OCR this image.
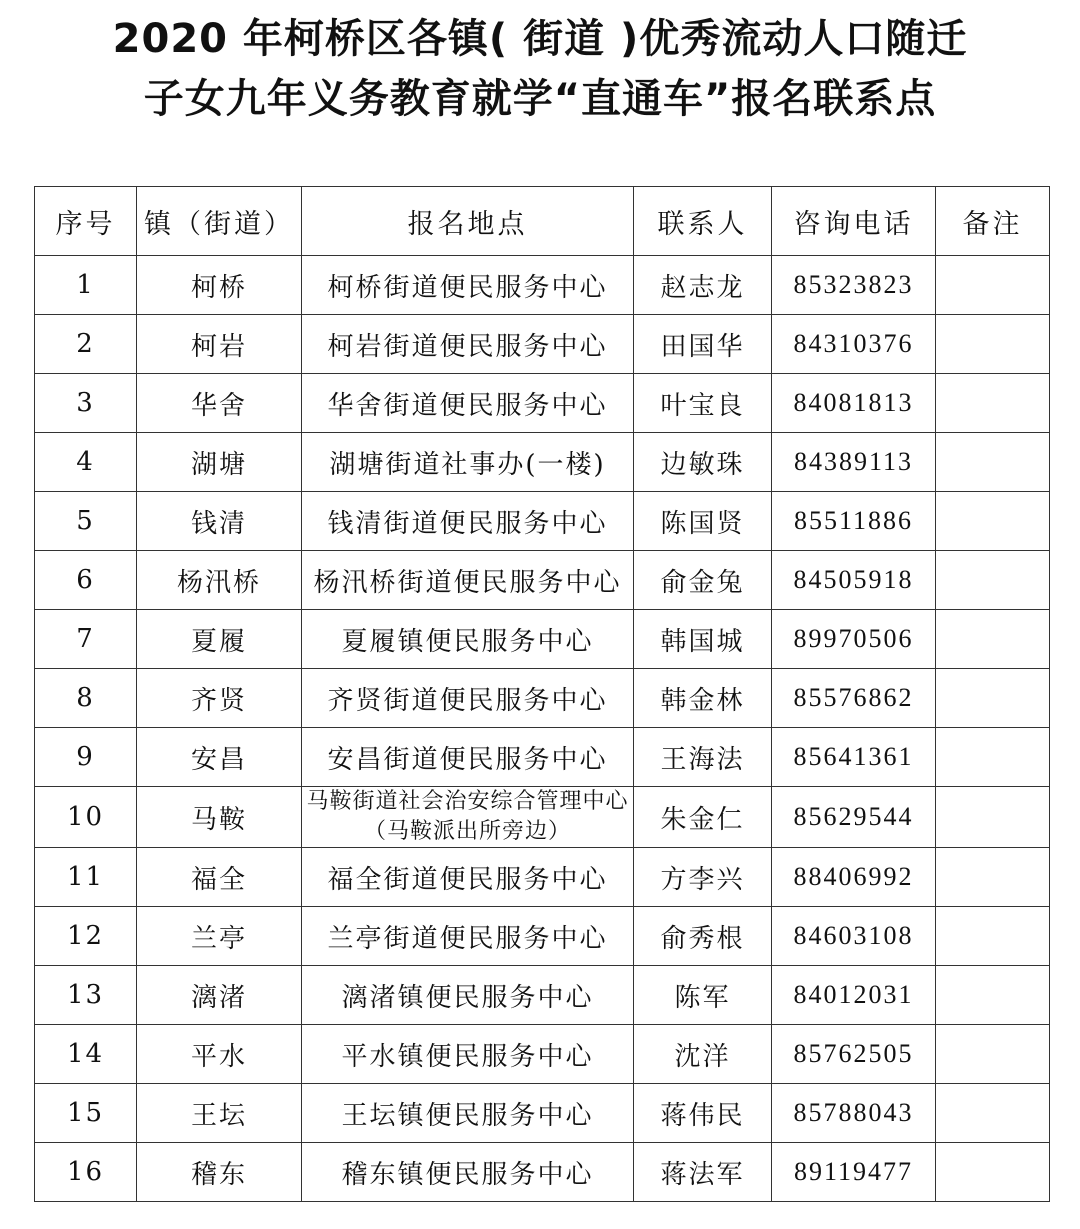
2020 年柯桥区各镇( 街道 )优秀流动人口随迁
子女九年义务教育就学“直通车”报名联系点
序号	镇（街道）	报名地点	联系人	咨询电话	备注
1	柯桥	柯桥街道便民服务中心	赵志龙	85323823	
2	柯岩	柯岩街道便民服务中心	田国华	84310376	
3	华舍	华舍街道便民服务中心	叶宝良	84081813	
4	湖塘	湖塘街道社事办(一楼)	边敏珠	84389113	
5	钱清	钱清街道便民服务中心	陈国贤	85511886	
6	杨汛桥	杨汛桥街道便民服务中心	俞金兔	84505918	
7	夏履	夏履镇便民服务中心	韩国城	89970506	
8	齐贤	齐贤街道便民服务中心	韩金林	85576862	
9	安昌	安昌街道便民服务中心	王海法	85641361	
10	马鞍	马鞍街道社会治安综合管理中心（马鞍派出所旁边）	朱金仁	85629544	
11	福全	福全街道便民服务中心	方李兴	88406992	
12	兰亭	兰亭街道便民服务中心	俞秀根	84603108	
13	漓渚	漓渚镇便民服务中心	陈军	84012031	
14	平水	平水镇便民服务中心	沈洋	85762505	
15	王坛	王坛镇便民服务中心	蒋伟民	85788043	
16	稽东	稽东镇便民服务中心	蒋法军	89119477	
